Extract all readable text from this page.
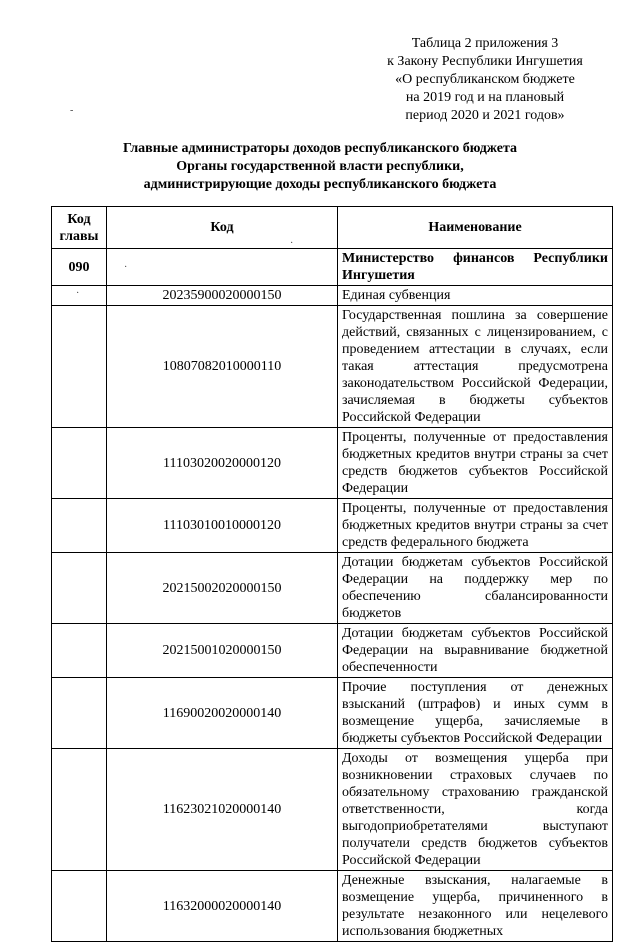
Таблица 2 приложения 3
к Закону Республики Ингушетия
«О республиканском бюджете
на 2019 год и на плановый
период 2020 и 2021 годов»
Главные администраторы доходов республиканского бюджета
Органы государственной власти республики,
администрирующие доходы республиканского бюджета
Код главы	Код	Наименование
090		Министерство финансов Республики Ингушетия
	20235900020000150	Единая субвенция
	10807082010000110	Государственная пошлина за совершение действий, связанных с лицензированием, с проведением аттестации в случаях, если такая аттестация предусмотрена законодательством Российской Федерации, зачисляемая в бюджеты субъектов Российской Федерации
	11103020020000120	Проценты, полученные от предоставления бюджетных кредитов внутри страны за счет средств бюджетов субъектов Российской Федерации
	11103010010000120	Проценты, полученные от предоставления бюджетных кредитов внутри страны за счет средств федерального бюджета
	20215002020000150	Дотации бюджетам субъектов Российской Федерации на поддержку мер по обеспечению сбалансированности бюджетов
	20215001020000150	Дотации бюджетам субъектов Российской Федерации на выравнивание бюджетной обеспеченности
	11690020020000140	Прочие поступления от денежных взысканий (штрафов) и иных сумм в возмещение ущерба, зачисляемые в бюджеты субъектов Российской Федерации
	11623021020000140	Доходы от возмещения ущерба при возникновении страховых случаев по обязательному страхованию гражданской ответственности, когда выгодоприобретателями выступают получатели средств бюджетов субъектов Российской Федерации
	11632000020000140	Денежные взыскания, налагаемые в возмещение ущерба, причиненного в результате незаконного или нецелевого использования бюджетных
·
·
·
-
